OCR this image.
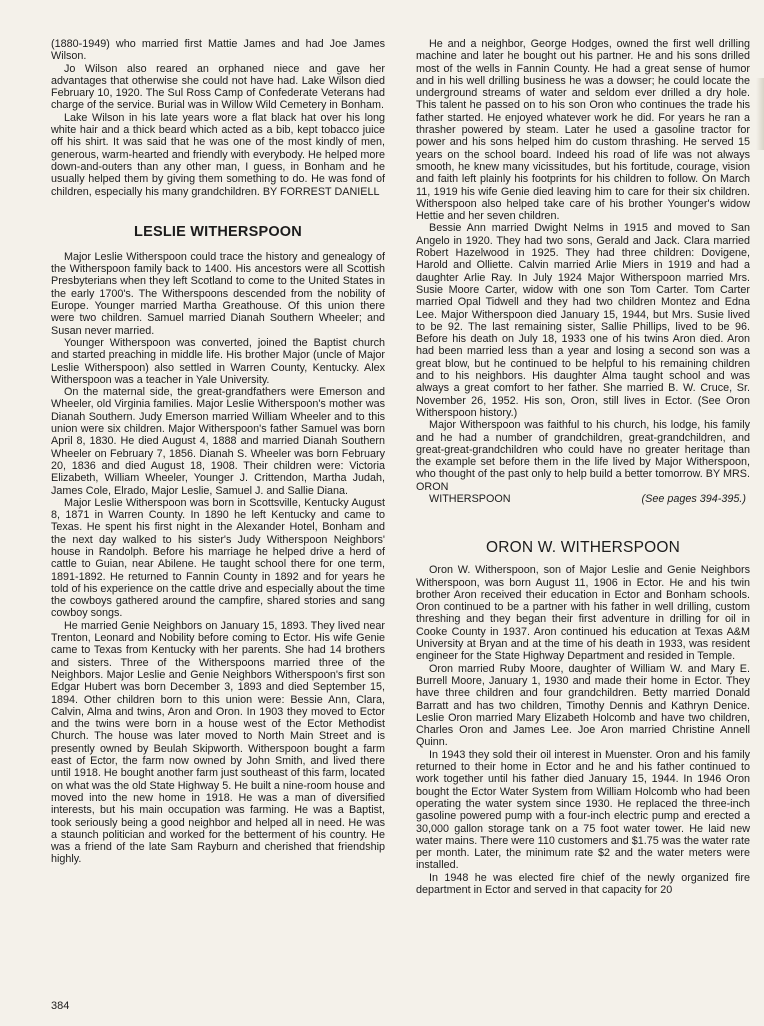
(1880-1949) who married first Mattie James and had Joe James Wilson.

Jo Wilson also reared an orphaned niece and gave her advantages that otherwise she could not have had. Lake Wilson died February 10, 1920. The Sul Ross Camp of Confederate Veterans had charge of the service. Burial was in Willow Wild Cemetery in Bonham.

Lake Wilson in his late years wore a flat black hat over his long white hair and a thick beard which acted as a bib, kept tobacco juice off his shirt. It was said that he was one of the most kindly of men, generous, warm-hearted and friendly with everybody. He helped more down-and-outers than any other man, I guess, in Bonham and he usually helped them by giving them something to do. He was fond of children, especially his many grandchildren. BY FORREST DANIELL

LESLIE WITHERSPOON

Major Leslie Witherspoon could trace the history and genealogy of the Witherspoon family back to 1400. His ancestors were all Scottish Presbyterians when they left Scotland to come to the United States in the early 1700's. The Witherspoons descended from the nobility of Europe. Younger married Martha Greathouse. Of this union there were two children. Samuel married Dianah Southern Wheeler; and Susan never married.

Younger Witherspoon was converted, joined the Baptist church and started preaching in middle life. His brother Major (uncle of Major Leslie Witherspoon) also settled in Warren County, Kentucky. Alex Witherspoon was a teacher in Yale University.

On the maternal side, the great-grandfathers were Emerson and Wheeler, old Virginia families. Major Leslie Witherspoon's mother was Dianah Southern. Judy Emerson married William Wheeler and to this union were six children. Major Witherspoon's father Samuel was born April 8, 1830. He died August 4, 1888 and married Dianah Southern Wheeler on February 7, 1856. Dianah S. Wheeler was born February 20, 1836 and died August 18, 1908. Their children were: Victoria Elizabeth, William Wheeler, Younger J. Crittendon, Martha Judah, James Cole, Elrado, Major Leslie, Samuel J. and Sallie Diana.

Major Leslie Witherspoon was born in Scottsville, Kentucky August 8, 1871 in Warren County. In 1890 he left Kentucky and came to Texas. He spent his first night in the Alexander Hotel, Bonham and the next day walked to his sister's Judy Witherspoon Neighbors' house in Randolph. Before his marriage he helped drive a herd of cattle to Guian, near Abilene. He taught school there for one term, 1891-1892. He returned to Fannin County in 1892 and for years he told of his experience on the cattle drive and especially about the time the cowboys gathered around the campfire, shared stories and sang cowboy songs.

He married Genie Neighbors on January 15, 1893. They lived near Trenton, Leonard and Nobility before coming to Ector. His wife Genie came to Texas from Kentucky with her parents. She had 14 brothers and sisters. Three of the Witherspoons married three of the Neighbors. Major Leslie and Genie Neighbors Witherspoon's first son Edgar Hubert was born December 3, 1893 and died September 15, 1894. Other children born to this union were: Bessie Ann, Clara, Calvin, Alma and twins, Aron and Oron. In 1903 they moved to Ector and the twins were born in a house west of the Ector Methodist Church. The house was later moved to North Main Street and is presently owned by Beulah Skipworth. Witherspoon bought a farm east of Ector, the farm now owned by John Smith, and lived there until 1918. He bought another farm just southeast of this farm, located on what was the old State Highway 5. He built a nine-room house and moved into the new home in 1918. He was a man of diversified interests, but his main occupation was farming. He was a Baptist, took seriously being a good neighbor and helped all in need. He was a staunch politician and worked for the betterment of his country. He was a friend of the late Sam Rayburn and cherished that friendship highly.

He and a neighbor, George Hodges, owned the first well drilling machine and later he bought out his partner. He and his sons drilled most of the wells in Fannin County. He had a great sense of humor and in his well drilling business he was a dowser; he could locate the underground streams of water and seldom ever drilled a dry hole. This talent he passed on to his son Oron who continues the trade his father started. He enjoyed whatever work he did. For years he ran a thrasher powered by steam. Later he used a gasoline tractor for power and his sons helped him do custom thrashing. He served 15 years on the school board. Indeed his road of life was not always smooth, he knew many vicissitudes, but his fortitude, courage, vision and faith left plainly his footprints for his children to follow. On March 11, 1919 his wife Genie died leaving him to care for their six children. Witherspoon also helped take care of his brother Younger's widow Hettie and her seven children.

Bessie Ann married Dwight Nelms in 1915 and moved to San Angelo in 1920. They had two sons, Gerald and Jack. Clara married Robert Hazelwood in 1925. They had three children: Dovigene, Harold and Olliette. Calvin married Arlie Miers in 1919 and had a daughter Arlie Ray. In July 1924 Major Witherspoon married Mrs. Susie Moore Carter, widow with one son Tom Carter. Tom Carter married Opal Tidwell and they had two children Montez and Edna Lee. Major Witherspoon died January 15, 1944, but Mrs. Susie lived to be 92. The last remaining sister, Sallie Phillips, lived to be 96. Before his death on July 18, 1933 one of his twins Aron died. Aron had been married less than a year and losing a second son was a great blow, but he continued to be helpful to his remaining children and to his neighbors. His daughter Alma taught school and was always a great comfort to her father. She married B. W. Cruce, Sr. November 26, 1952. His son, Oron, still lives in Ector. (See Oron Witherspoon history.)

Major Witherspoon was faithful to his church, his lodge, his family and he had a number of grandchildren, great-grandchildren, and great-great-grandchildren who could have no greater heritage than the example set before them in the life lived by Major Witherspoon, who thought of the past only to help build a better tomorrow. BY MRS. ORON

WITHERSPOON	(See pages 394-395.)

ORON W. WITHERSPOON

Oron W. Witherspoon, son of Major Leslie and Genie Neighbors Witherspoon, was born August 11, 1906 in Ector. He and his twin brother Aron received their education in Ector and Bonham schools. Oron continued to be a partner with his father in well drilling, custom threshing and they began their first adventure in drilling for oil in Cooke County in 1937. Aron continued his education at Texas A&M University at Bryan and at the time of his death in 1933, was resident engineer for the State Highway Department and resided in Temple.

Oron married Ruby Moore, daughter of William W. and Mary E. Burrell Moore, January 1, 1930 and made their home in Ector. They have three children and four grandchildren. Betty married Donald Barratt and has two children, Timothy Dennis and Kathryn Denice. Leslie Oron married Mary Elizabeth Holcomb and have two children, Charles Oron and James Lee. Joe Aron married Christine Annell Quinn.

In 1943 they sold their oil interest in Muenster. Oron and his family returned to their home in Ector and he and his father continued to work together until his father died January 15, 1944. In 1946 Oron bought the Ector Water System from William Holcomb who had been operating the water system since 1930. He replaced the three-inch gasoline powered pump with a four-inch electric pump and erected a 30,000 gallon storage tank on a 75 foot water tower. He laid new water mains. There were 110 customers and $1.75 was the water rate per month. Later, the minimum rate $2 and the water meters were installed.

In 1948 he was elected fire chief of the newly organized fire department in Ector and served in that capacity for 20

384
